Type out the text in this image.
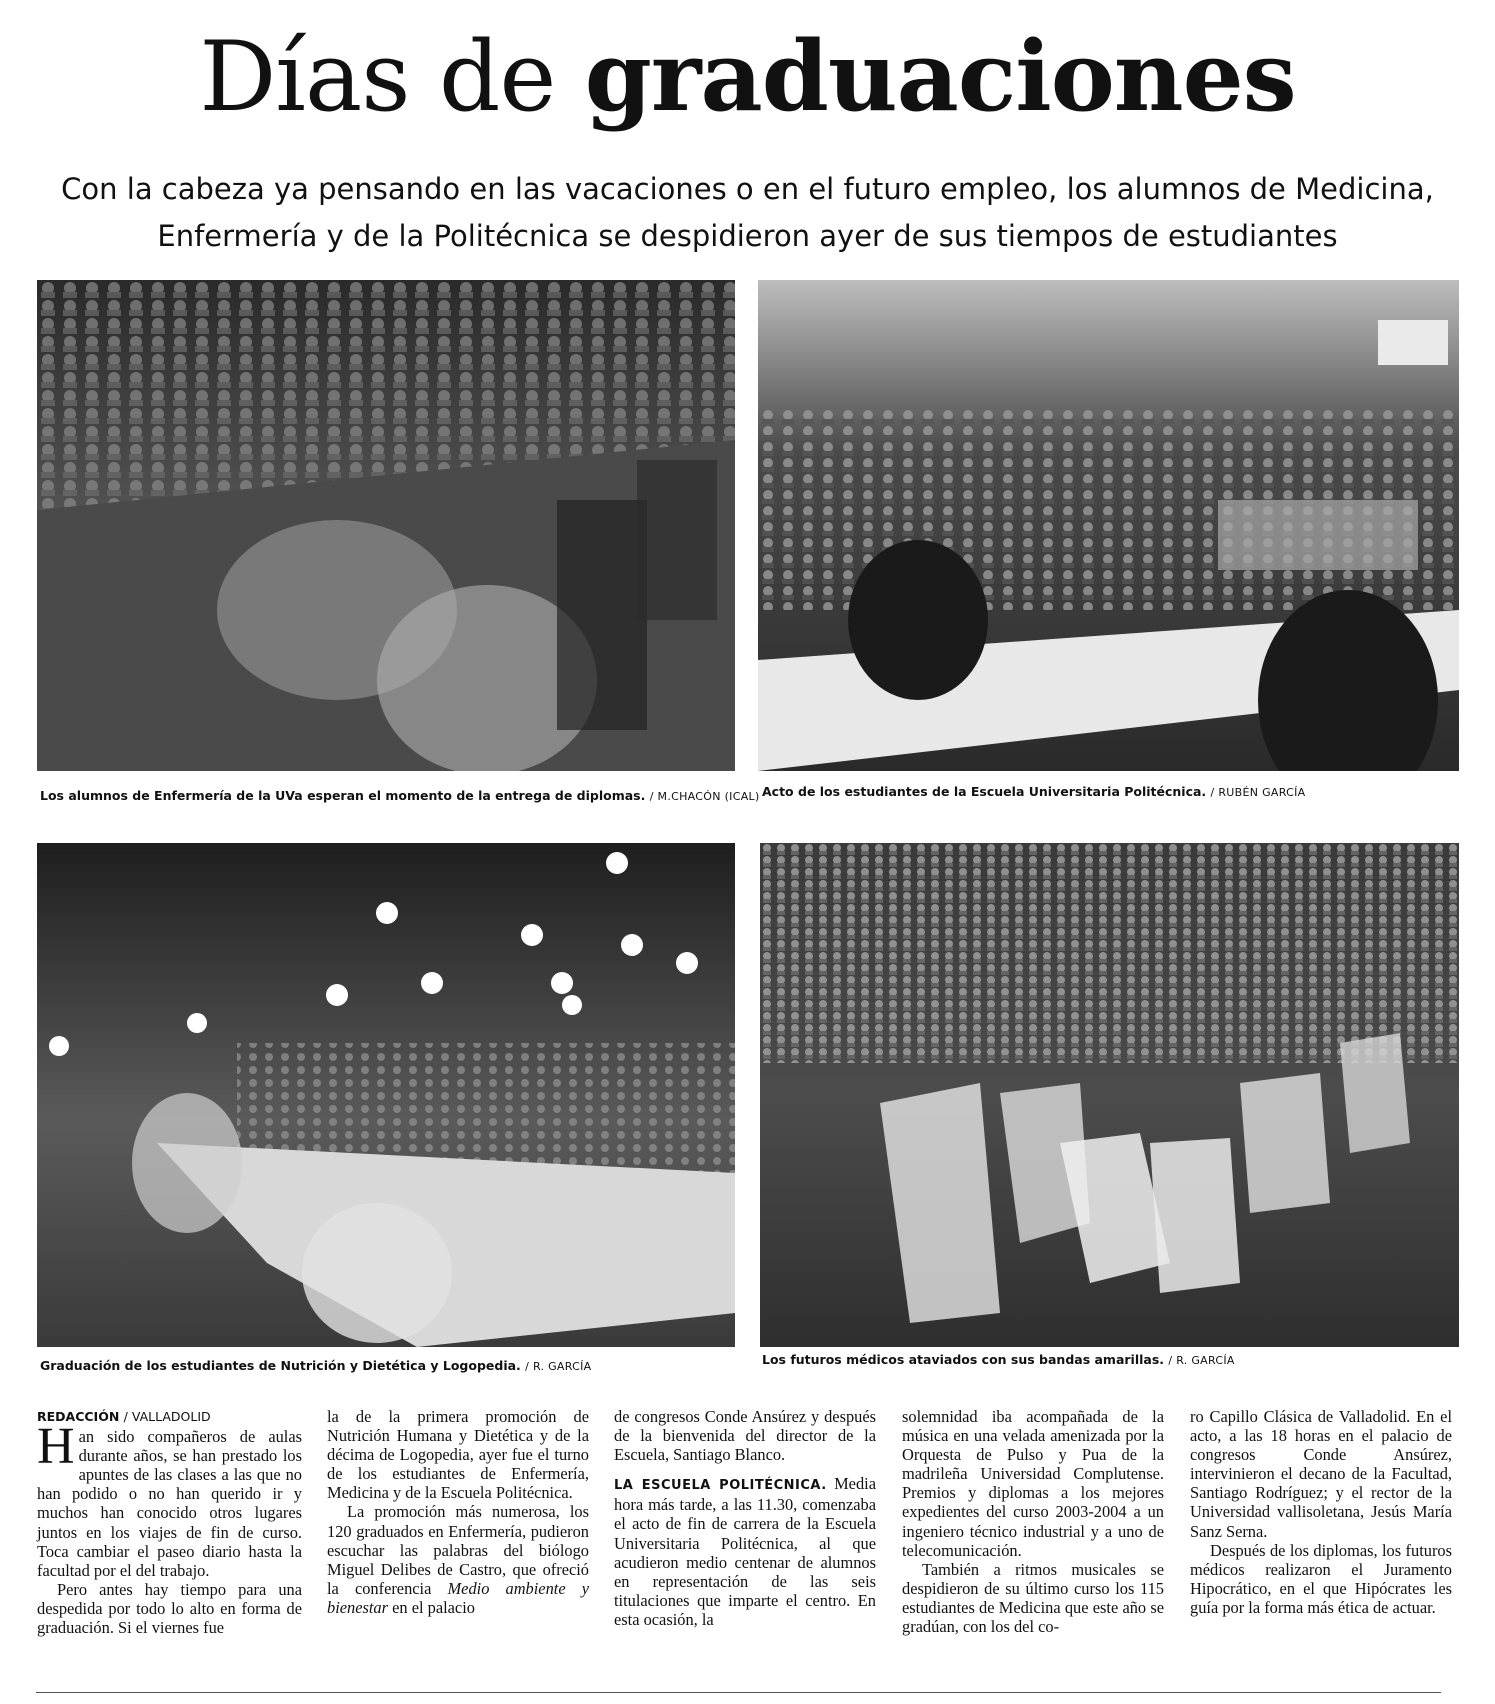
Días de graduaciones
Con la cabeza ya pensando en las vacaciones o en el futuro empleo, los alumnos de Medicina,
Enfermería y de la Politécnica se despidieron ayer de sus tiempos de estudiantes
Los alumnos de Enfermería de la UVa esperan el momento de la entrega de diplomas. / M.CHACÓN (ICAL) Acto de los estudiantes de la Escuela Universitaria Politécnica. / RUBÉN GARCÍA
Graduación de los estudiantes de Nutrición y Dietética y Logopedia. / R. GARCÍA	Los futuros médicos ataviados con sus bandas amarillas. / R. GARCÍA
REDACCIÓN / VALLADOLID

Han sido compañeros de aulas durante años, se han prestado los apuntes de las clases a las que no han podido o no han querido ir y muchos han conocido otros lugares juntos en los viajes de fin de curso. Toca cambiar el paseo diario hasta la facultad por el del trabajo.

Pero antes hay tiempo para una despedida por todo lo alto en forma de graduación. Si el viernes fue

la de la primera promoción de Nutrición Humana y Dietética y de la décima de Logopedia, ayer fue el turno de los estudiantes de Enfermería, Medicina y de la Escuela Politécnica.

La promoción más numerosa, los 120 graduados en Enfermería, pudieron escuchar las palabras del biólogo Miguel Delibes de Castro, que ofreció la conferencia Medio ambiente y bienestar en el palacio

de congresos Conde Ansúrez y después de la bienvenida del director de la Escuela, Santiago Blanco.

LA ESCUELA POLITÉCNICA. Media hora más tarde, a las 11.30, comenzaba el acto de fin de carrera de la Escuela Universitaria Politécnica, al que acudieron medio centenar de alumnos en representación de las seis titulaciones que imparte el centro. En esta ocasión, la

solemnidad iba acompañada de la música en una velada amenizada por la Orquesta de Pulso y Pua de la madrileña Universidad Complutense. Premios y diplomas a los mejores expedientes del curso 2003-2004 a un ingeniero técnico industrial y a uno de telecomunicación.

También a ritmos musicales se despidieron de su último curso los 115 estudiantes de Medicina que este año se gradúan, con los del co-

ro Capillo Clásica de Valladolid. En el acto, a las 18 horas en el palacio de congresos Conde Ansúrez, intervinieron el decano de la Facultad, Santiago Rodríguez; y el rector de la Universidad vallisoletana, Jesús María Sanz Serna.

Después de los diplomas, los futuros médicos realizaron el Juramento Hipocrático, en el que Hipócrates les guía por la forma más ética de actuar.
